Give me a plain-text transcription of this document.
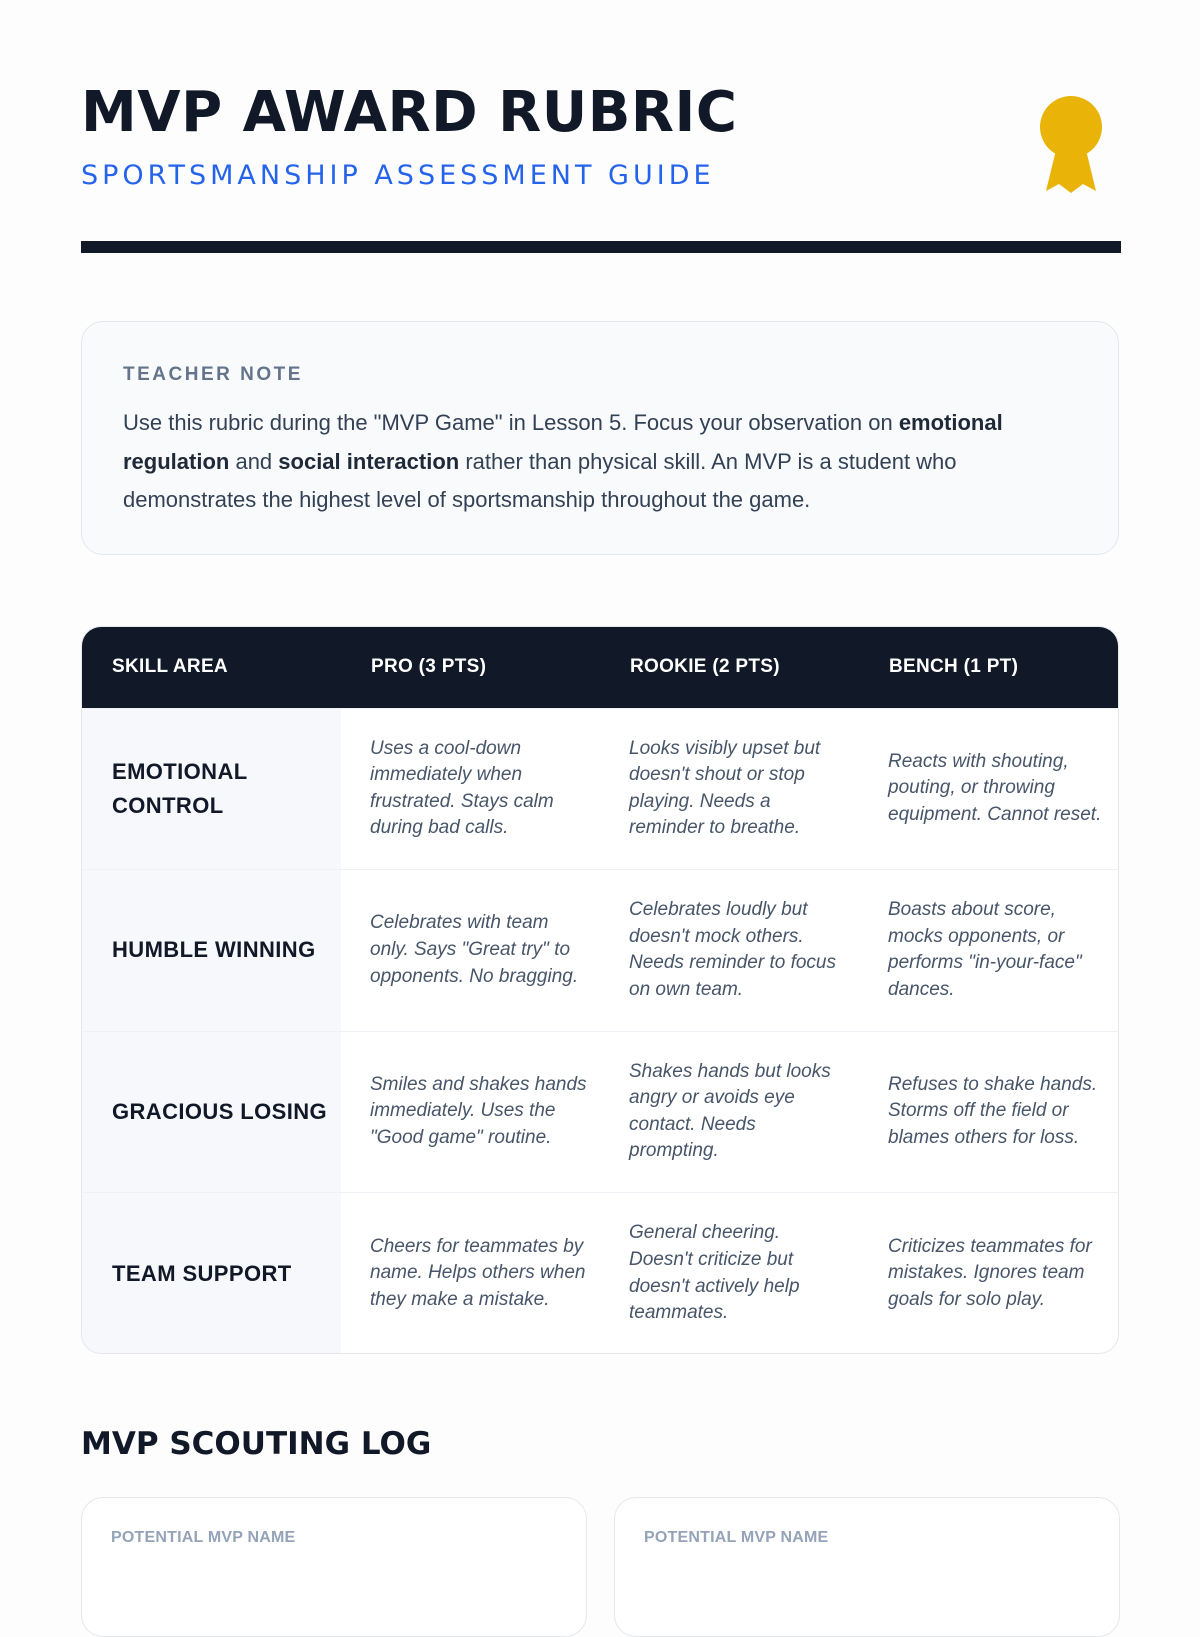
MVP AWARD RUBRIC
SPORTSMANSHIP ASSESSMENT GUIDE
TEACHER NOTE
Use this rubric during the "MVP Game" in Lesson 5. Focus your observation on emotional regulation and social interaction rather than physical skill. An MVP is a student who demonstrates the highest level of sportsmanship throughout the game.
SKILL AREA	PRO (3 PTS)	ROOKIE (2 PTS)	BENCH (1 PT)
EMOTIONAL CONTROL	Uses a cool-down immediately when frustrated. Stays calm during bad calls.	Looks visibly upset but doesn't shout or stop playing. Needs a reminder to breathe.	Reacts with shouting, pouting, or throwing equipment. Cannot reset.
HUMBLE WINNING	Celebrates with team only. Says "Great try" to opponents. No bragging.	Celebrates loudly but doesn't mock others. Needs reminder to focus on own team.	Boasts about score, mocks opponents, or performs "in-your-face" dances.
GRACIOUS LOSING	Smiles and shakes hands immediately. Uses the "Good game" routine.	Shakes hands but looks angry or avoids eye contact. Needs prompting.	Refuses to shake hands. Storms off the field or blames others for loss.
TEAM SUPPORT	Cheers for teammates by name. Helps others when they make a mistake.	General cheering. Doesn't criticize but doesn't actively help teammates.	Criticizes teammates for mistakes. Ignores team goals for solo play.
MVP SCOUTING LOG
POTENTIAL MVP NAME	POTENTIAL MVP NAME
